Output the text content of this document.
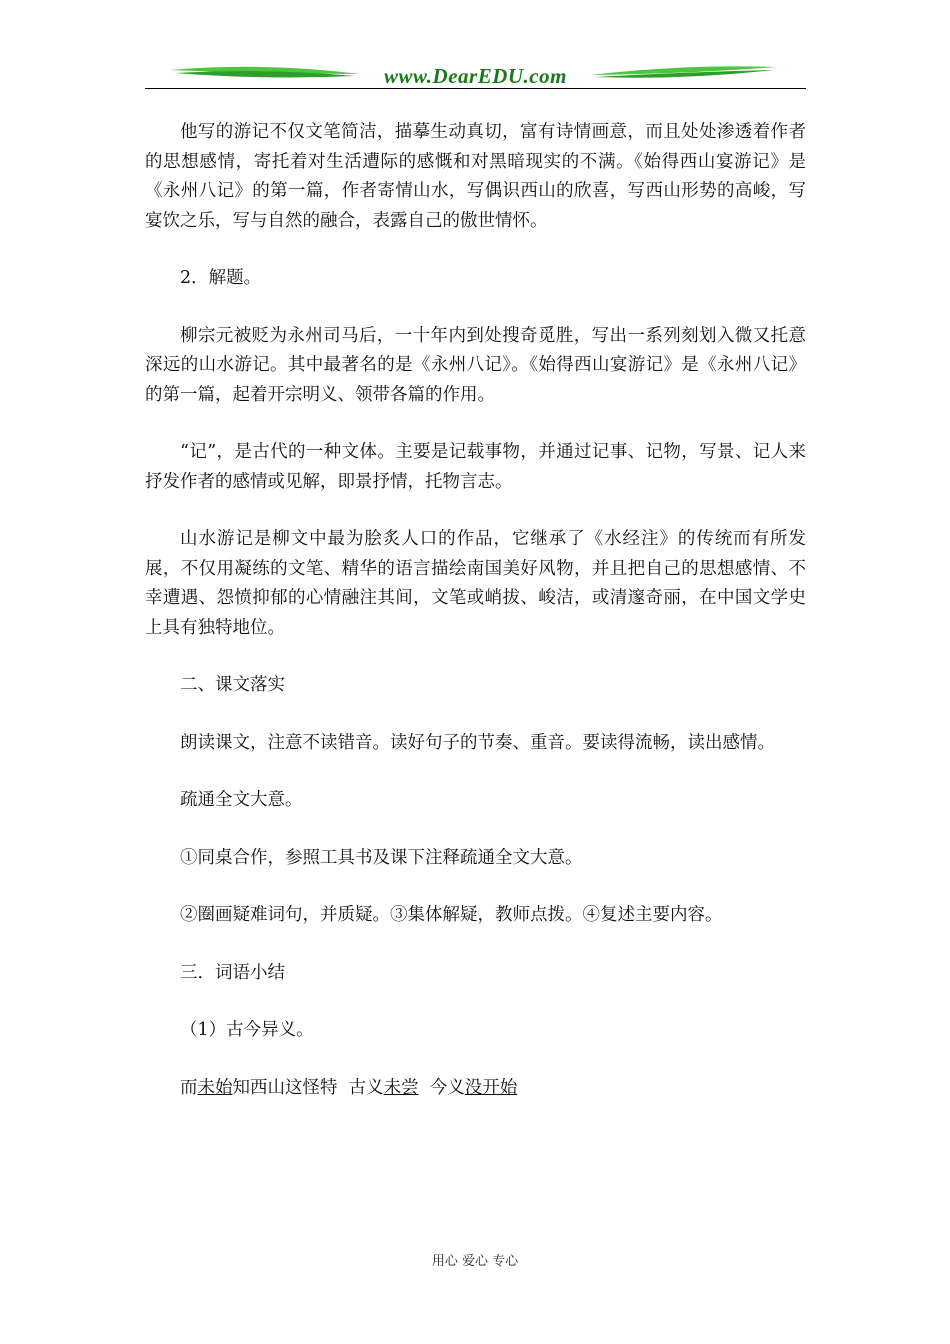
www.DearEDU.com

他写的游记不仅文笔简洁，描摹生动真切，富有诗情画意，而且处处渗透着作者的思想感情，寄托着对生活遭际的感慨和对黑暗现实的不满。《始得西山宴游记》是《永州八记》的第一篇，作者寄情山水，写偶识西山的欣喜，写西山形势的高峻，写宴饮之乐，写与自然的融合，表露自己的傲世情怀。

2．解题。

柳宗元被贬为永州司马后，一十年内到处搜奇觅胜，写出一系列刻划入微又托意深远的山水游记。其中最著名的是《永州八记》。《始得西山宴游记》是《永州八记》的第一篇，起着开宗明义、领带各篇的作用。

“记”，是古代的一种文体。主要是记载事物，并通过记事、记物，写景、记人来抒发作者的感情或见解，即景抒情，托物言志。

山水游记是柳文中最为脍炙人口的作品，它继承了《水经注》的传统而有所发展，不仅用凝练的文笔、精华的语言描绘南国美好风物，并且把自己的思想感情、不幸遭遇、怨愤抑郁的心情融注其间，文笔或峭拔、峻洁，或清邃奇丽，在中国文学史上具有独特地位。

二、课文落实

朗读课文，注意不读错音。读好句子的节奏、重音。要读得流畅，读出感情。

疏通全文大意。

①同桌合作，参照工具书及课下注释疏通全文大意。

②圈画疑难词句，并质疑。③集体解疑，教师点拨。④复述主要内容。

三．词语小结

（1）古今异义。

而未始知西山这怪特  古义未尝  今义没开始

用心 爱心 专心
